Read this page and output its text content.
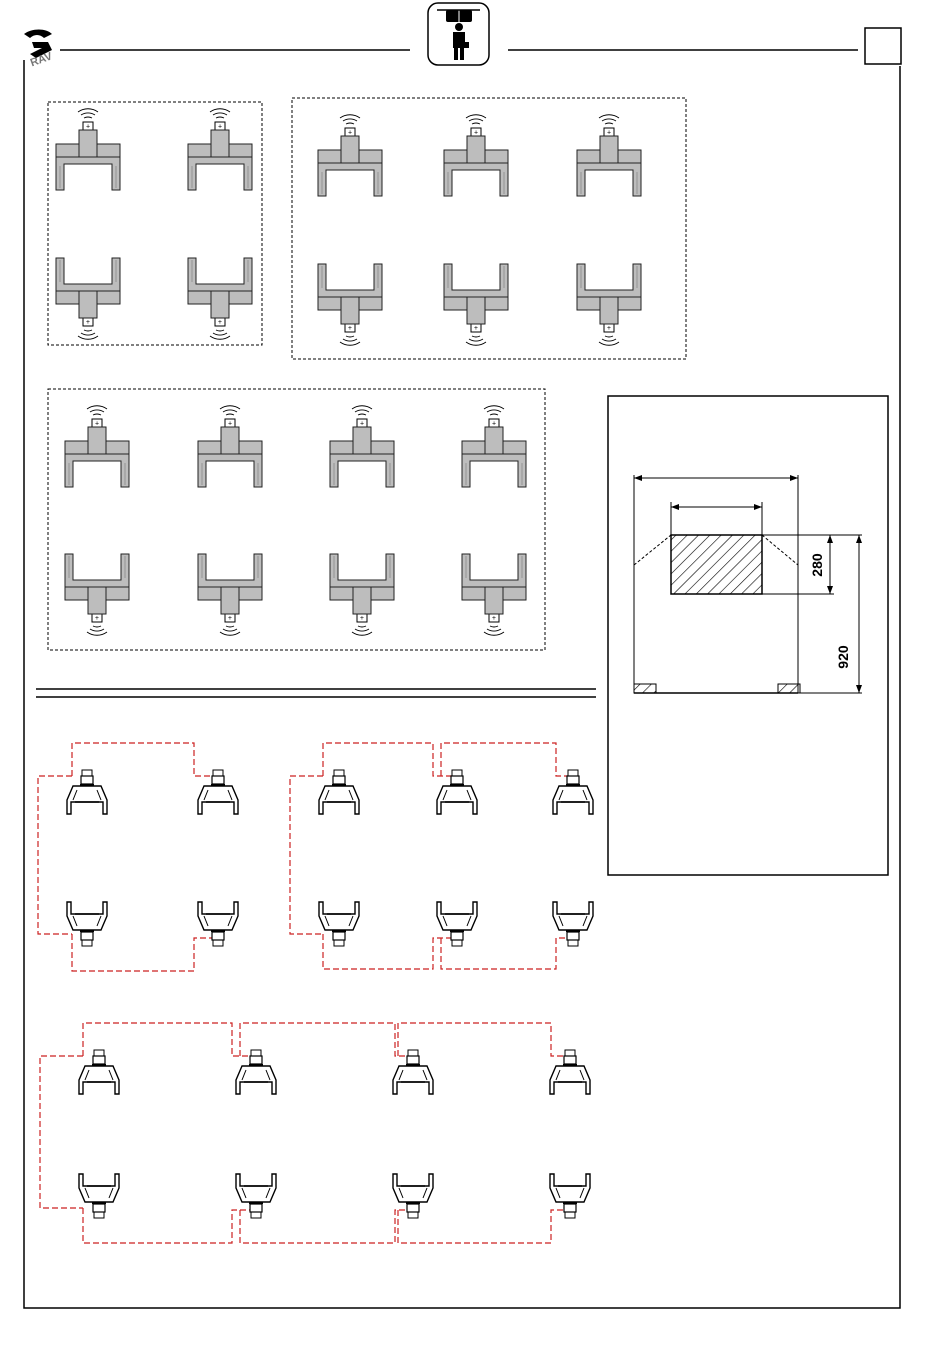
RAV
280
920
